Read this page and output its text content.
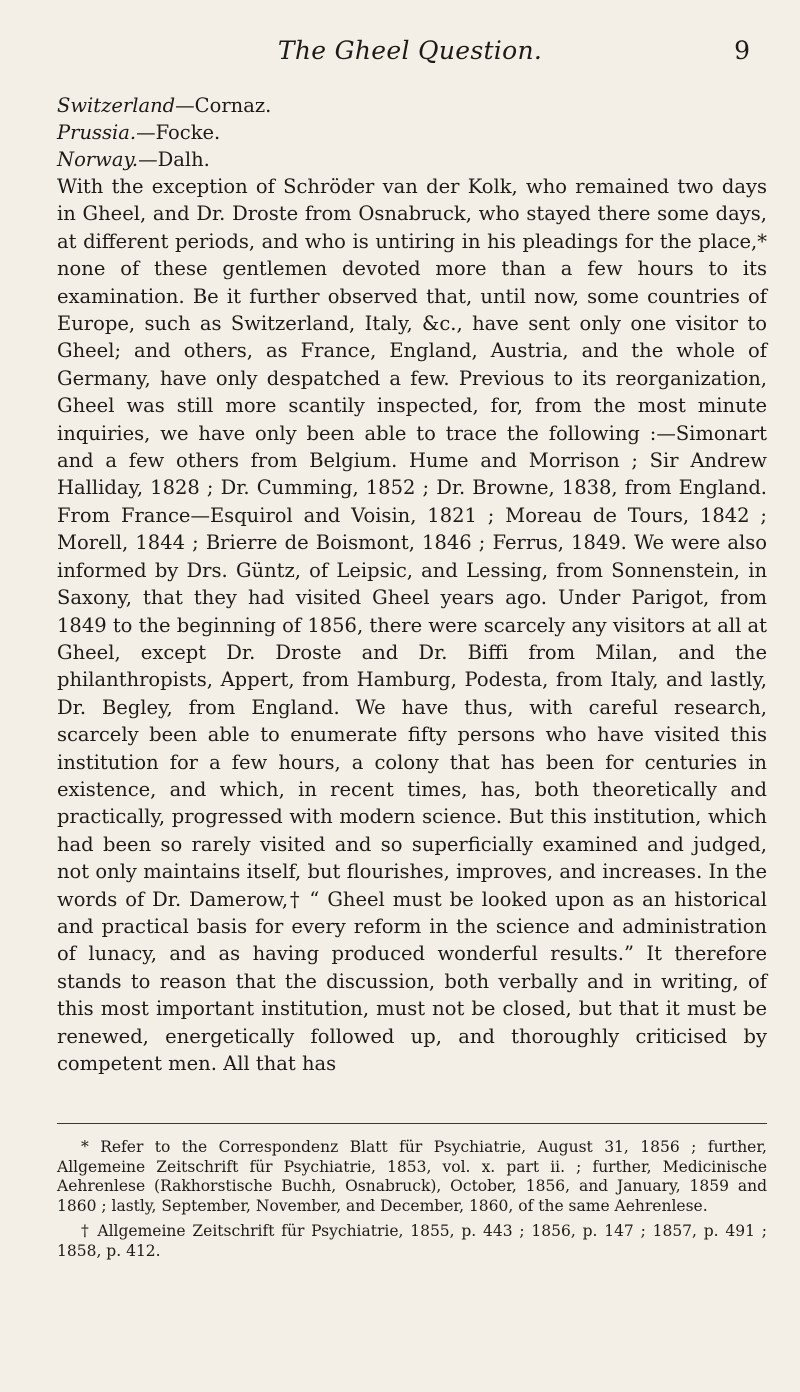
The Gheel Question.	9
Switzerland—Cornaz.
Prussia.—Focke.
Norway.—Dalh.

With the exception of Schröder van der Kolk, who remained two days in Gheel, and Dr. Droste from Osnabruck, who stayed there some days, at different periods, and who is untiring in his pleadings for the place,* none of these gentlemen devoted more than a few hours to its examination. Be it further observed that, until now, some countries of Europe, such as Switzerland, Italy, &c., have sent only one visitor to Gheel; and others, as France, England, Austria, and the whole of Germany, have only despatched a few. Previous to its reorganization, Gheel was still more scantily inspected, for, from the most minute inquiries, we have only been able to trace the following :—Simonart and a few others from Belgium. Hume and Morrison ; Sir Andrew Halliday, 1828 ; Dr. Cumming, 1852 ; Dr. Browne, 1838, from England. From France—Esquirol and Voisin, 1821 ; Moreau de Tours, 1842 ; Morell, 1844 ; Brierre de Boismont, 1846 ; Ferrus, 1849. We were also informed by Drs. Güntz, of Leipsic, and Lessing, from Sonnenstein, in Saxony, that they had visited Gheel years ago. Under Parigot, from 1849 to the beginning of 1856, there were scarcely any visitors at all at Gheel, except Dr. Droste and Dr. Biffi from Milan, and the philanthropists, Appert, from Hamburg, Podesta, from Italy, and lastly, Dr. Begley, from England. We have thus, with careful research, scarcely been able to enumerate fifty persons who have visited this institution for a few hours, a colony that has been for centuries in existence, and which, in recent times, has, both theoretically and practically, progressed with modern science. But this institution, which had been so rarely visited and so superficially examined and judged, not only maintains itself, but flourishes, improves, and increases. In the words of Dr. Damerow,† “ Gheel must be looked upon as an historical and practical basis for every reform in the science and administration of lunacy, and as having produced wonderful results.” It therefore stands to reason that the discussion, both verbally and in writing, of this most important institution, must not be closed, but that it must be renewed, energetically followed up, and thoroughly criticised by competent men. All that has

* Refer to the Correspondenz Blatt für Psychiatrie, August 31, 1856 ; further, Allgemeine Zeitschrift für Psychiatrie, 1853, vol. x. part ii. ; further, Medicinische Aehrenlese (Rakhorstische Buchh, Osnabruck), October, 1856, and January, 1859 and 1860 ; lastly, September, November, and December, 1860, of the same Aehrenlese.

† Allgemeine Zeitschrift für Psychiatrie, 1855, p. 443 ; 1856, p. 147 ; 1857, p. 491 ; 1858, p. 412.
